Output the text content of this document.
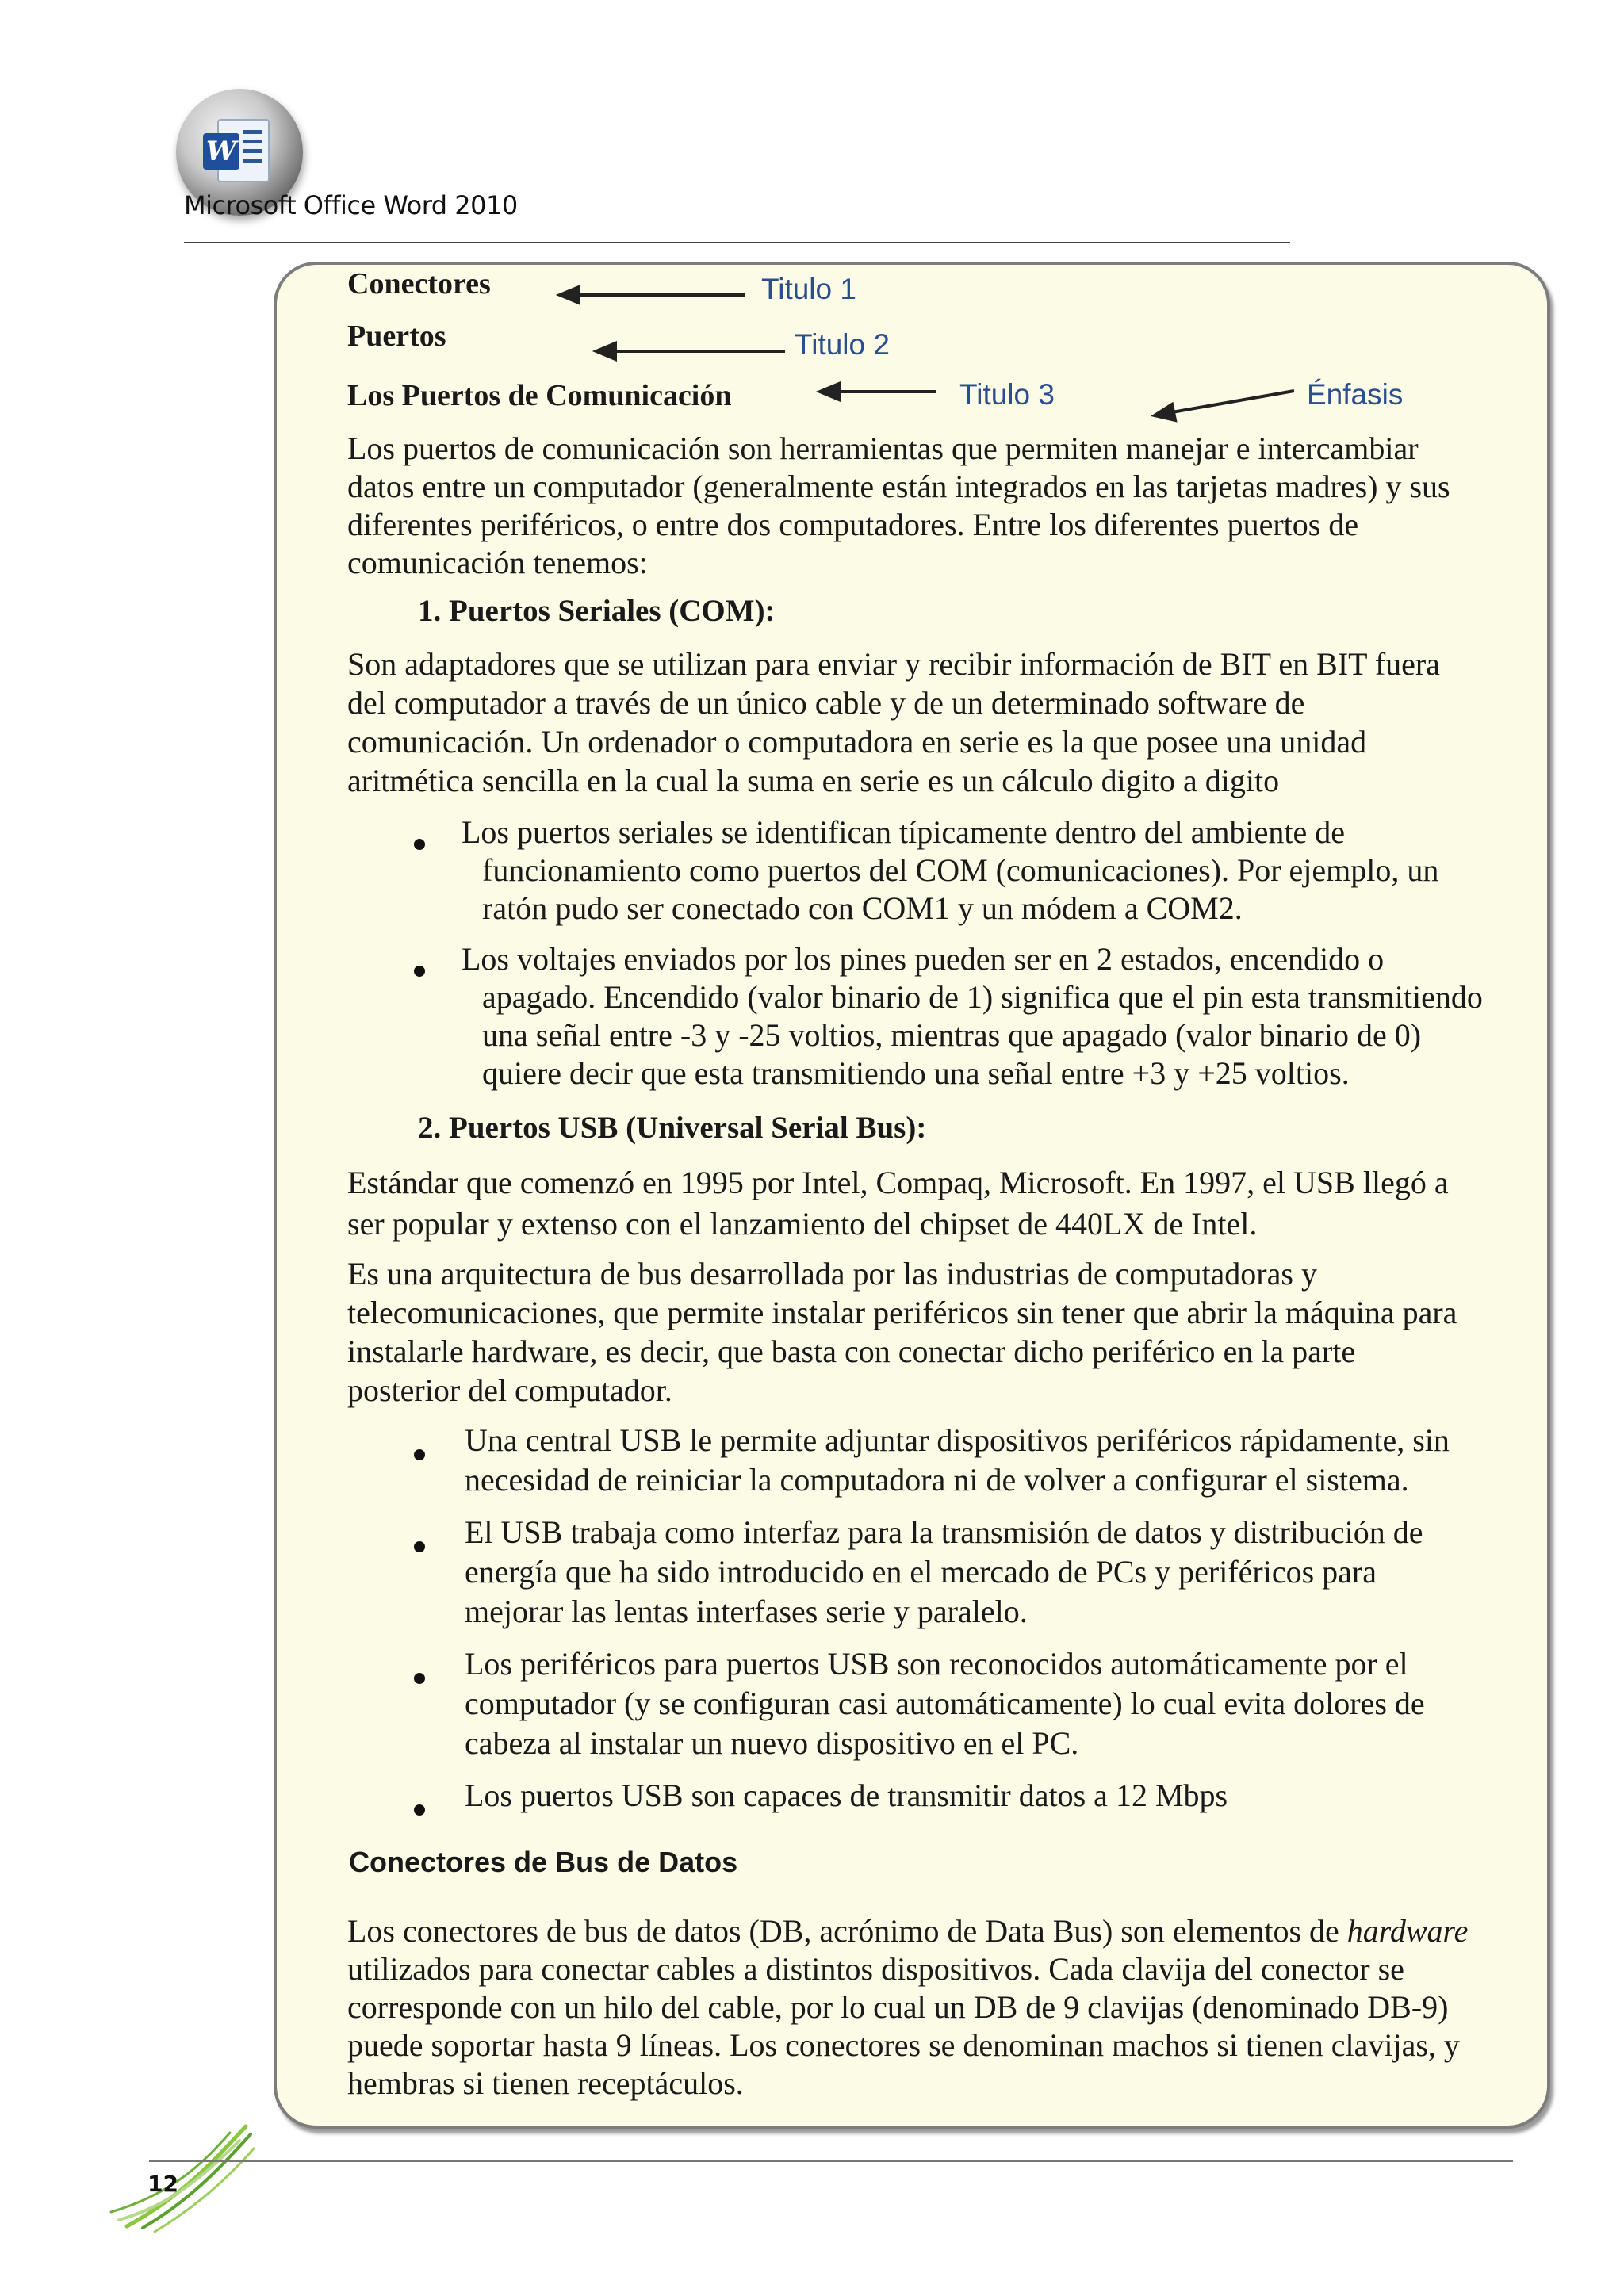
W
Microsoft Office Word 2010
Titulo 1
Titulo 2
Titulo 3	Énfasis
Conectores
Puertos
Los Puertos de Comunicación
Los puertos de comunicación son herramientas que permiten manejar e intercambiar
datos entre un computador (generalmente están integrados en las tarjetas madres) y sus
diferentes periféricos, o entre dos computadores. Entre los diferentes puertos de
comunicación tenemos:
1. Puertos Seriales (COM):
Son adaptadores que se utilizan para enviar y recibir información de BIT en BIT fuera
del computador a través de un único cable y de un determinado software de
comunicación. Un ordenador o computadora en serie es la que posee una unidad
aritmética sencilla en la cual la suma en serie es un cálculo digito a digito
Los puertos seriales se identifican típicamente dentro del ambiente de
funcionamiento como puertos del COM (comunicaciones). Por ejemplo, un
ratón pudo ser conectado con COM1 y un módem a COM2.
Los voltajes enviados por los pines pueden ser en 2 estados, encendido o
apagado. Encendido (valor binario de 1) significa que el pin esta transmitiendo
una señal entre -3 y -25 voltios, mientras que apagado (valor binario de 0)
quiere decir que esta transmitiendo una señal entre +3 y +25 voltios.
2. Puertos USB (Universal Serial Bus):
Estándar que comenzó en 1995 por Intel, Compaq, Microsoft. En 1997, el USB llegó a
ser popular y extenso con el lanzamiento del chipset de 440LX de Intel.
Es una arquitectura de bus desarrollada por las industrias de computadoras y
telecomunicaciones, que permite instalar periféricos sin tener que abrir la máquina para
instalarle hardware, es decir, que basta con conectar dicho periférico en la parte
posterior del computador.
Una central USB le permite adjuntar dispositivos periféricos rápidamente, sin
necesidad de reiniciar la computadora ni de volver a configurar el sistema.
El USB trabaja como interfaz para la transmisión de datos y distribución de
energía que ha sido introducido en el mercado de PCs y periféricos para
mejorar las lentas interfases serie y paralelo.
Los periféricos para puertos USB son reconocidos automáticamente por el
computador (y se configuran casi automáticamente) lo cual evita dolores de
cabeza al instalar un nuevo dispositivo en el PC.
Los puertos USB son capaces de transmitir datos a 12 Mbps
Conectores de Bus de Datos
Los conectores de bus de datos (DB, acrónimo de Data Bus) son elementos de hardware
utilizados para conectar cables a distintos dispositivos. Cada clavija del conector se
corresponde con un hilo del cable, por lo cual un DB de 9 clavijas (denominado DB-9)
puede soportar hasta 9 líneas. Los conectores se denominan machos si tienen clavijas, y
hembras si tienen receptáculos.
12
